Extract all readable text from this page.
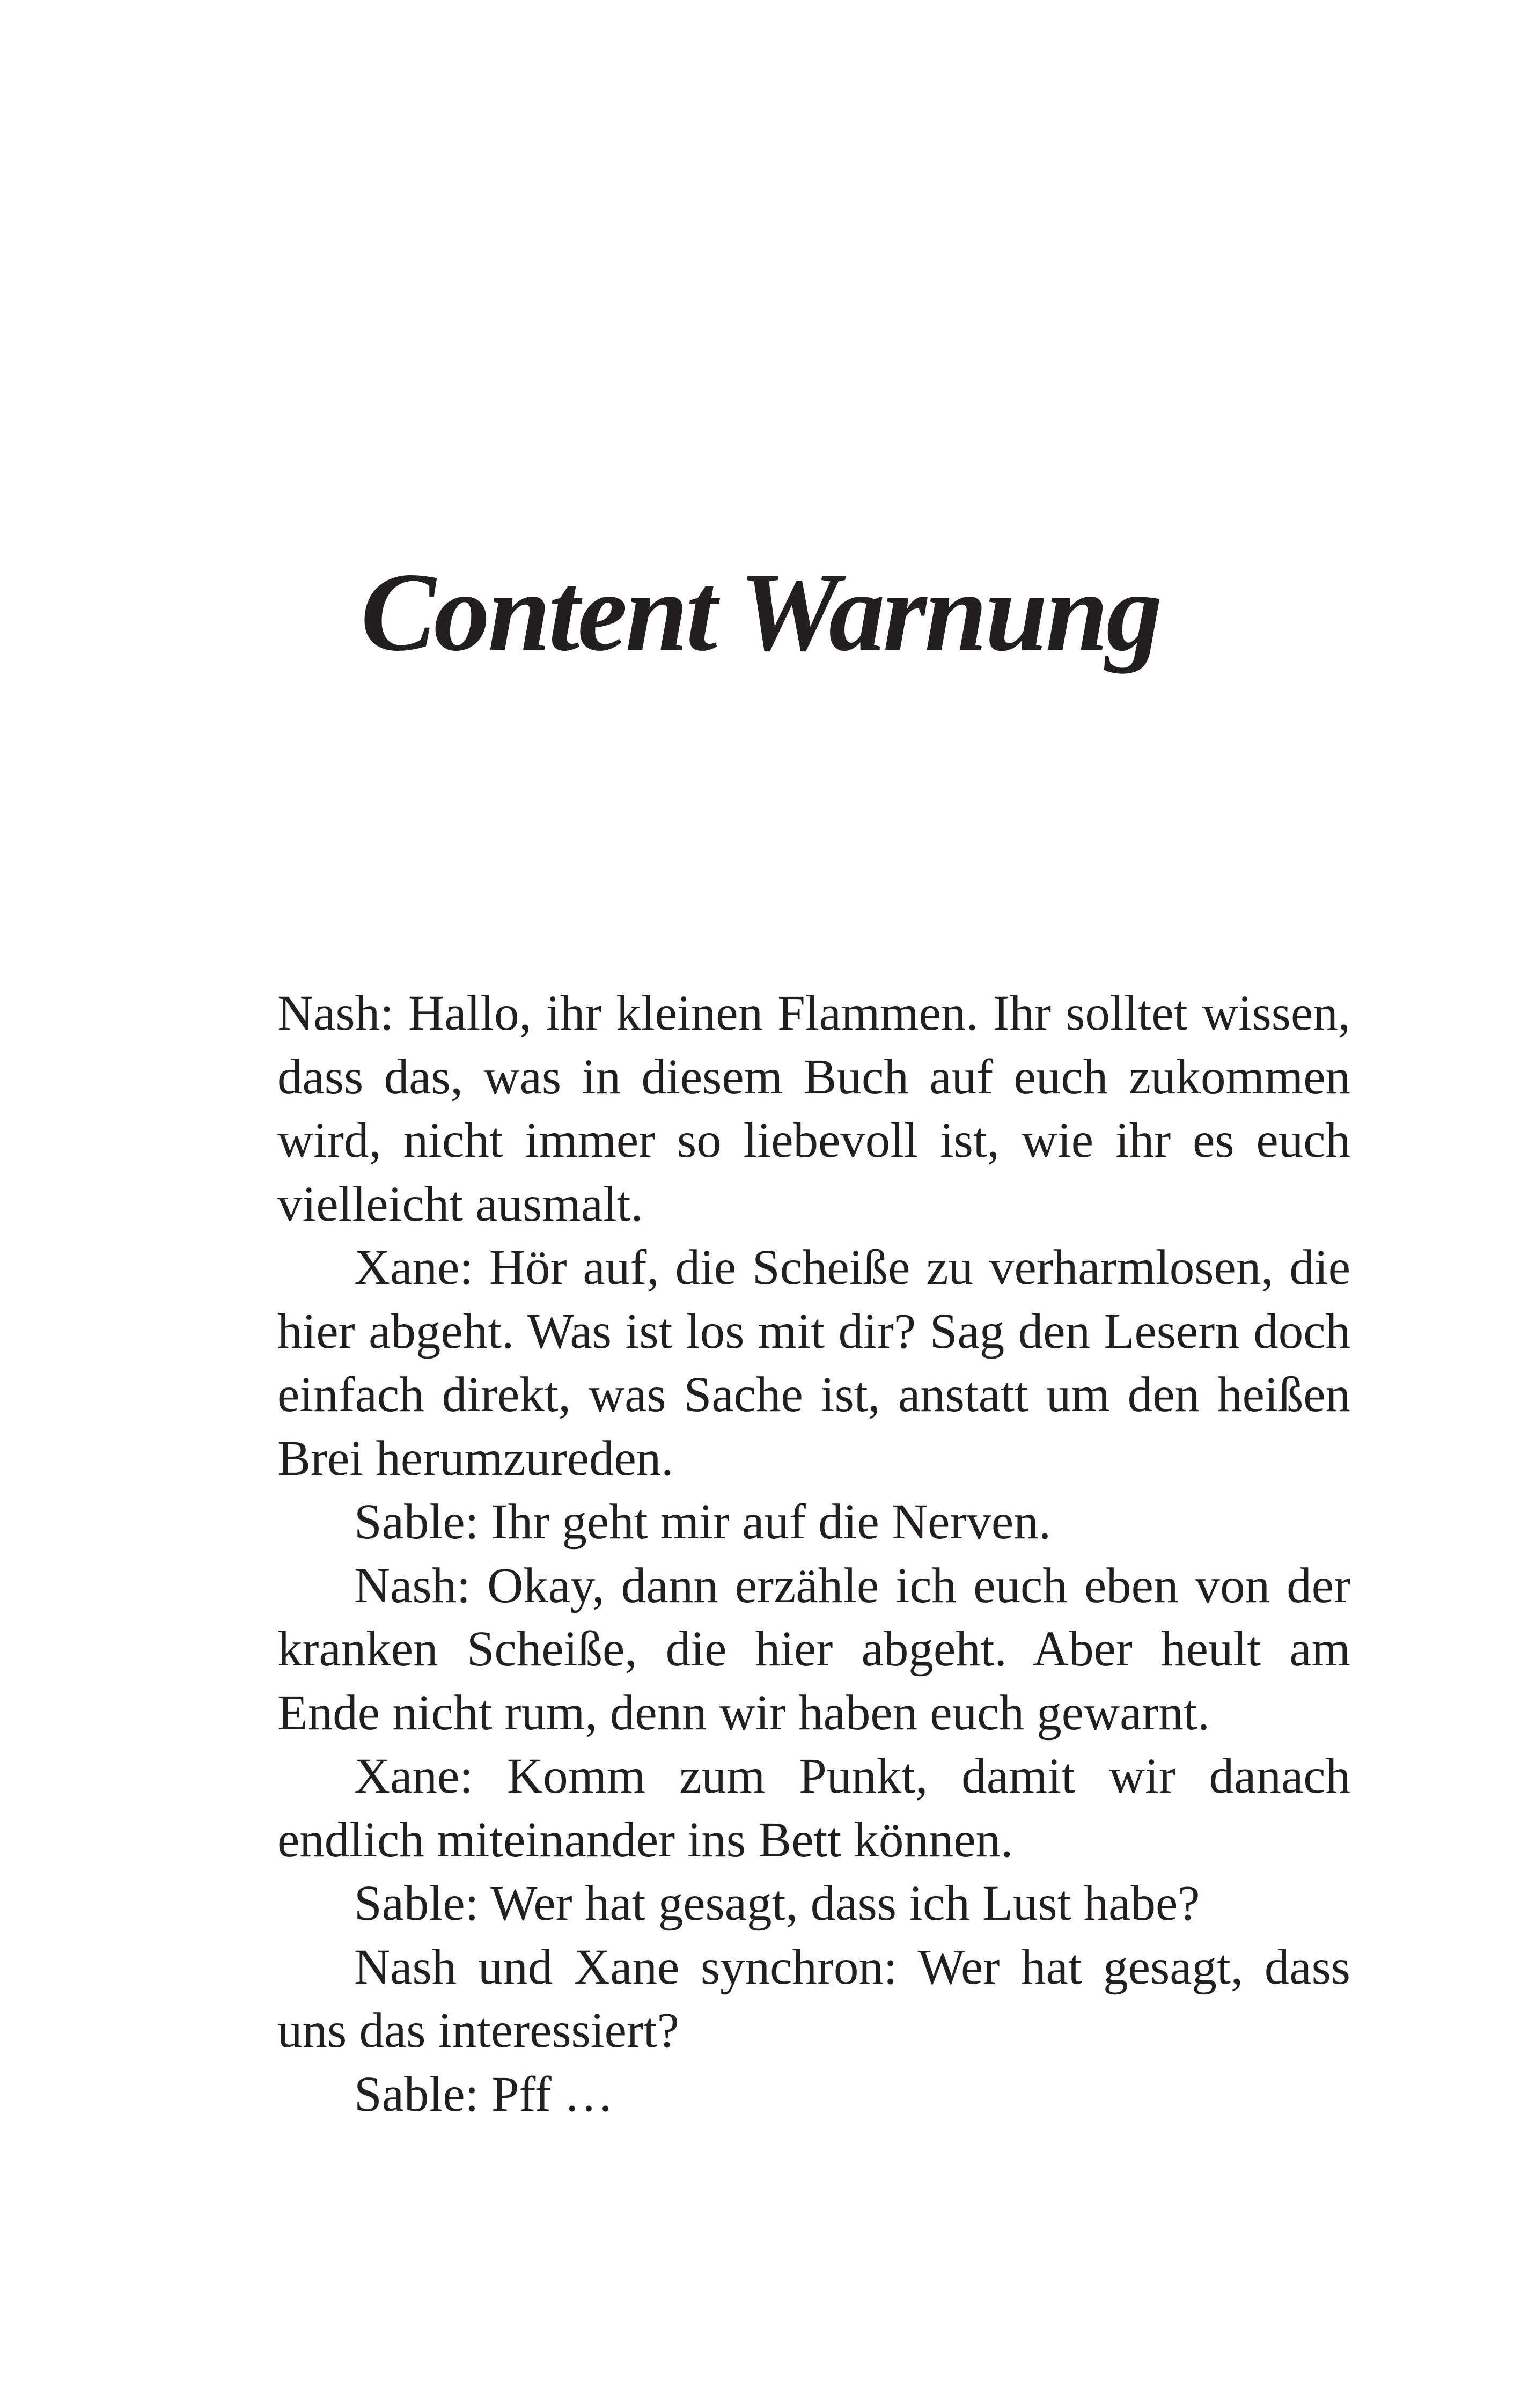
Content Warnung

Nash: Hallo, ihr kleinen Flammen. Ihr solltet wissen, dass das, was in diesem Buch auf euch zukommen wird, nicht immer so liebevoll ist, wie ihr es euch vielleicht ausmalt.

Xane: Hör auf, die Scheiße zu verharmlosen, die hier abgeht. Was ist los mit dir? Sag den Lesern doch einfach direkt, was Sache ist, anstatt um den heißen Brei herumzureden.

Sable: Ihr geht mir auf die Nerven.

Nash: Okay, dann erzähle ich euch eben von der kranken Scheiße, die hier abgeht. Aber heult am Ende nicht rum, denn wir haben euch gewarnt.

Xane: Komm zum Punkt, damit wir danach endlich miteinander ins Bett können.

Sable: Wer hat gesagt, dass ich Lust habe?

Nash und Xane synchron: Wer hat gesagt, dass uns das interessiert?

Sable: Pff …
